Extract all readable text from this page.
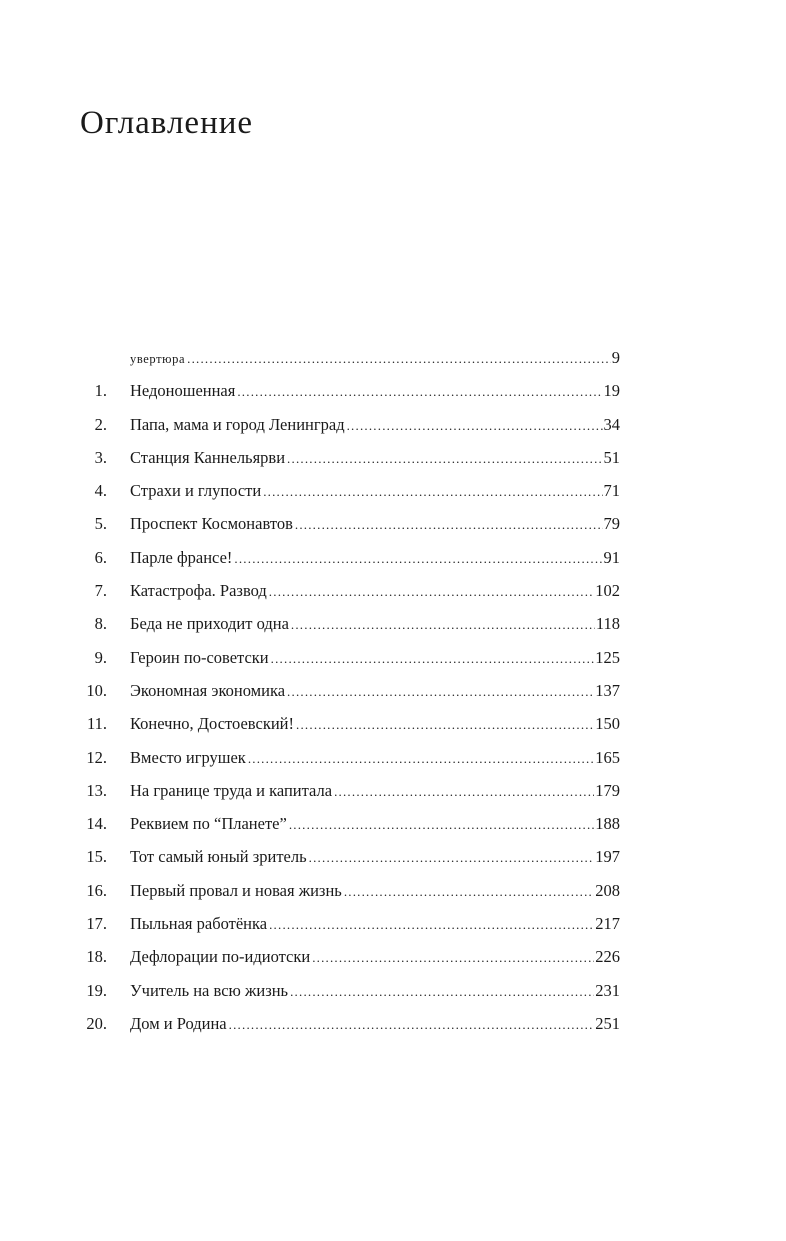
Оглавление
увертюра .....	9
1. Недоношенная .....	19
2. Папа, мама и город Ленинград .....	34
3. Станция Каннельярви .....	51
4. Страхи и глупости .....	71
5. Проспект Космонавтов .....	79
6. Парле франсе! .....	91
7. Катастрофа. Развод .....	102
8. Беда не приходит одна .....	118
9. Героин по-советски .....	125
10. Экономная экономика .....	137
11. Конечно, Достоевский! .....	150
12. Вместо игрушек .....	165
13. На границе труда и капитала .....	179
14. Реквием по “Планете” .....	188
15. Тот самый юный зритель .....	197
16. Первый провал и новая жизнь .....	208
17. Пыльная работёнка .....	217
18. Дефлорации по-идиотски .....	226
19. Учитель на всю жизнь .....	231
20. Дом и Родина .....	251
